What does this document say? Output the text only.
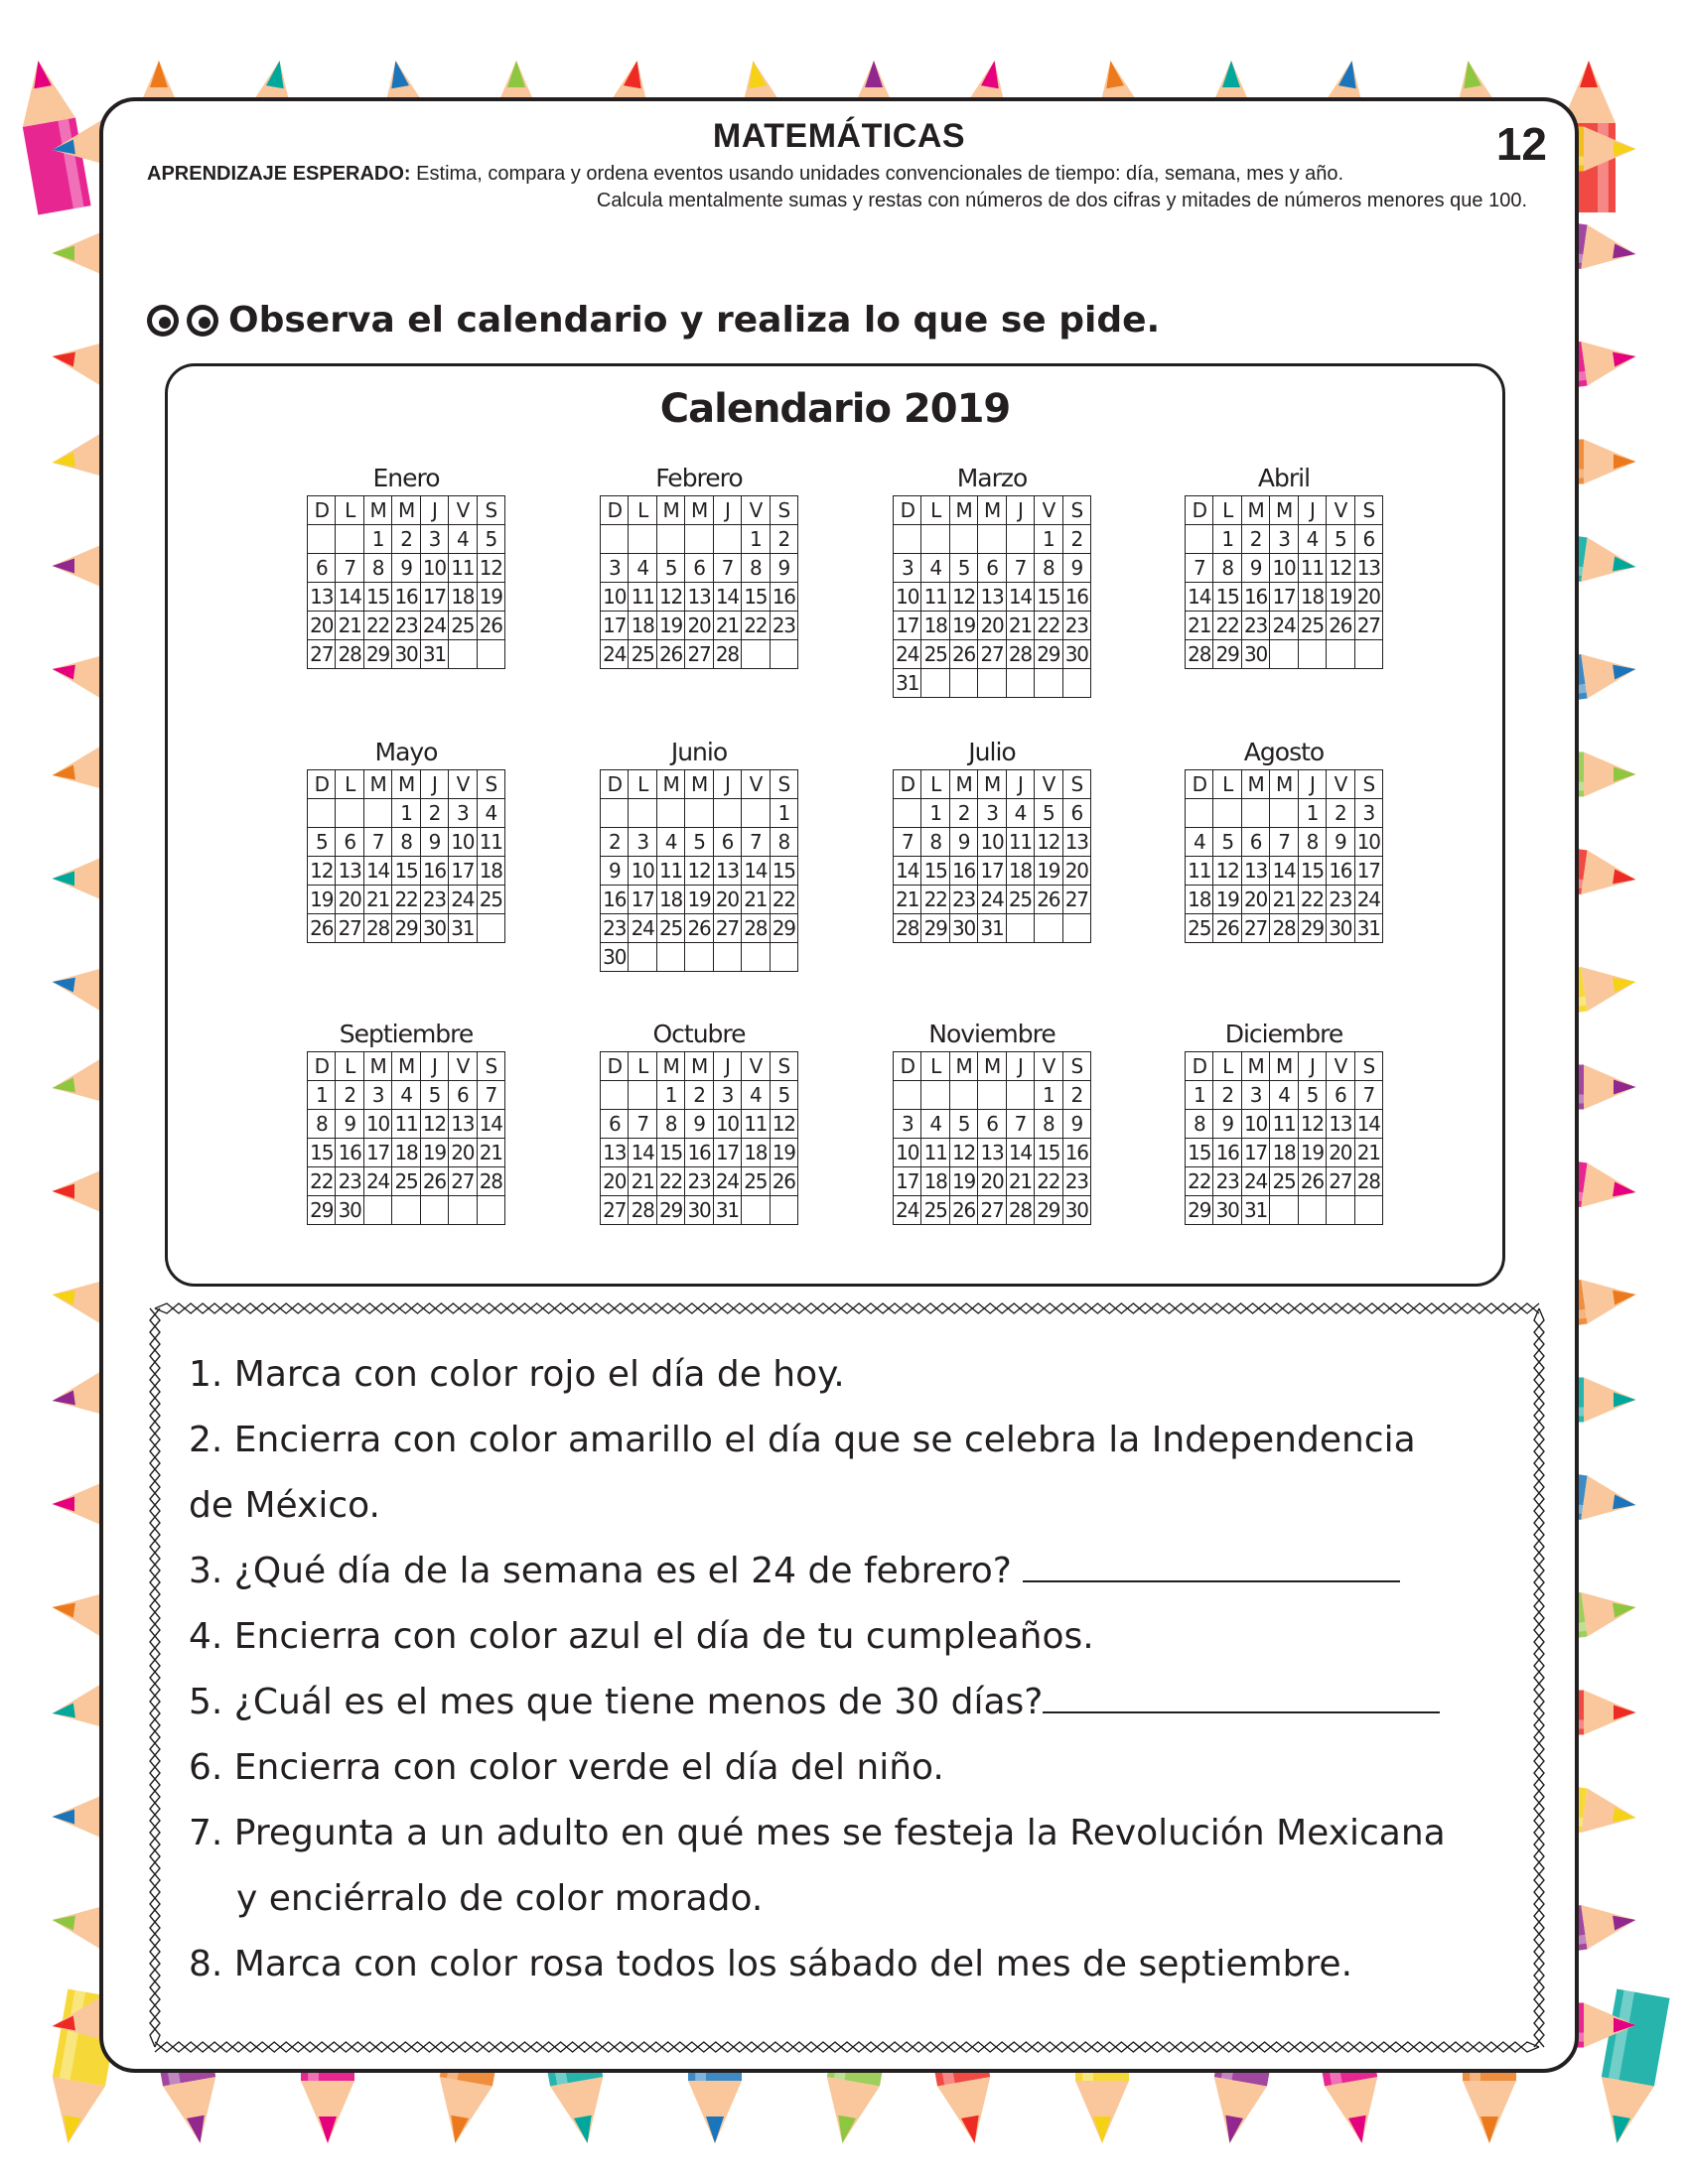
MATEMÁTICAS	12
APRENDIZAJE ESPERADO: Estima, compara y ordena eventos usando unidades convencionales de tiempo: día, semana, mes y año.
Calcula mentalmente sumas y restas con números de dos cifras y mitades de números menores que 100.
Observa el calendario y realiza lo que se pide.
Calendario 2019
Enero
D	L	M	M	J	V	S
		1	2	3	4	5
6	7	8	9	10	11	12
13	14	15	16	17	18	19
20	21	22	23	24	25	26
27	28	29	30	31		
Febrero
D	L	M	M	J	V	S
					1	2
3	4	5	6	7	8	9
10	11	12	13	14	15	16
17	18	19	20	21	22	23
24	25	26	27	28		
Marzo
D	L	M	M	J	V	S
					1	2
3	4	5	6	7	8	9
10	11	12	13	14	15	16
17	18	19	20	21	22	23
24	25	26	27	28	29	30
31						
Abril
D	L	M	M	J	V	S
	1	2	3	4	5	6
7	8	9	10	11	12	13
14	15	16	17	18	19	20
21	22	23	24	25	26	27
28	29	30				
Mayo
D	L	M	M	J	V	S
			1	2	3	4
5	6	7	8	9	10	11
12	13	14	15	16	17	18
19	20	21	22	23	24	25
26	27	28	29	30	31	
Junio
D	L	M	M	J	V	S
						1
2	3	4	5	6	7	8
9	10	11	12	13	14	15
16	17	18	19	20	21	22
23	24	25	26	27	28	29
30						
Julio
D	L	M	M	J	V	S
	1	2	3	4	5	6
7	8	9	10	11	12	13
14	15	16	17	18	19	20
21	22	23	24	25	26	27
28	29	30	31			
Agosto
D	L	M	M	J	V	S
				1	2	3
4	5	6	7	8	9	10
11	12	13	14	15	16	17
18	19	20	21	22	23	24
25	26	27	28	29	30	31
Septiembre
D	L	M	M	J	V	S
1	2	3	4	5	6	7
8	9	10	11	12	13	14
15	16	17	18	19	20	21
22	23	24	25	26	27	28
29	30					
Octubre
D	L	M	M	J	V	S
		1	2	3	4	5
6	7	8	9	10	11	12
13	14	15	16	17	18	19
20	21	22	23	24	25	26
27	28	29	30	31		
Noviembre
D	L	M	M	J	V	S
					1	2
3	4	5	6	7	8	9
10	11	12	13	14	15	16
17	18	19	20	21	22	23
24	25	26	27	28	29	30
Diciembre
D	L	M	M	J	V	S
1	2	3	4	5	6	7
8	9	10	11	12	13	14
15	16	17	18	19	20	21
22	23	24	25	26	27	28
29	30	31				
1. Marca con color rojo el día de hoy.
2. Encierra con color amarillo el día que se celebra la Independencia
de México.
3. ¿Qué día de la semana es el 24 de febrero?
4. Encierra con color azul el día de tu cumpleaños.
5. ¿Cuál es el mes que tiene menos de 30 días?
6. Encierra con color verde el día del niño.
7. Pregunta a un adulto en qué mes se festeja la Revolución Mexicana
y enciérralo de color morado.
8. Marca con color rosa todos los sábado del mes de septiembre.
